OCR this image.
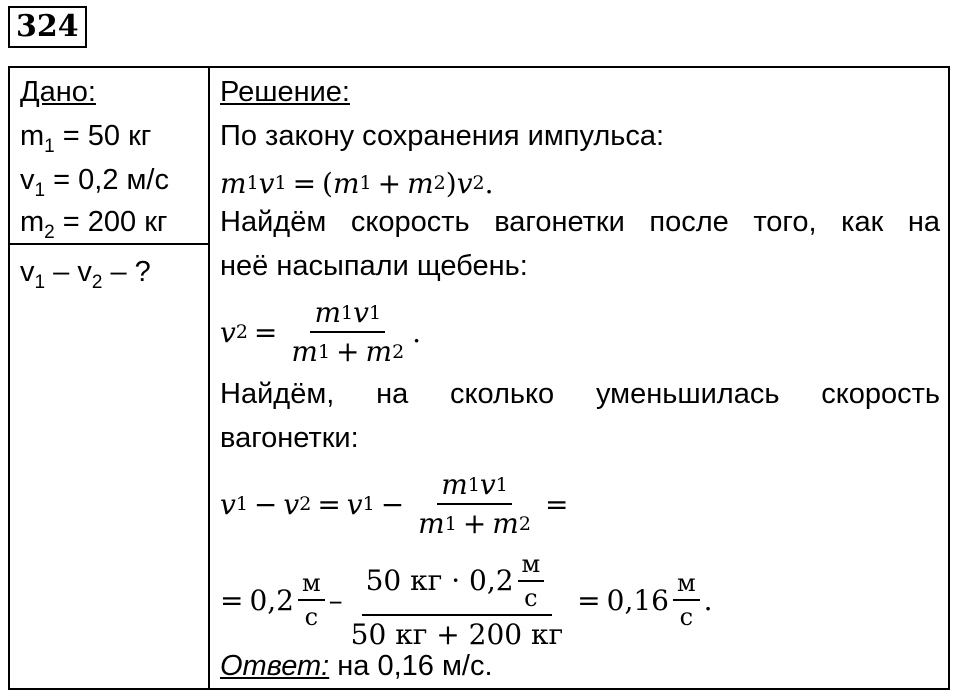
324
Дано:
$m_1 = 50$ кг
$v_1 = 0,2$ м/с
$m_2 = 200$ кг
$v_1 - v_2$ – ?
Решение:
По закону сохранения импульса:
m 1 v 1 = ( m 1 + m 2 ) v 2 .
Найдём скорость вагонетки после того, как на
неё насыпали щебень:
v $2 = \frac{m 1 v 1}{m 1 + m 2}$ .
Найдём, на сколько уменьшилась скорость
вагонетки:
v 1 − v 2 = v $1 - \frac{m 1 v 1}{m 1 + m 2}$ =
= $0,2 \frac{м}{с} - \frac{50 кг \cdot 0,2 \frac{м}{с}}{50 кг + 200 кг} = 0,16 \frac{м}{с}$ .
Ответ: на 0,16 м/с.
